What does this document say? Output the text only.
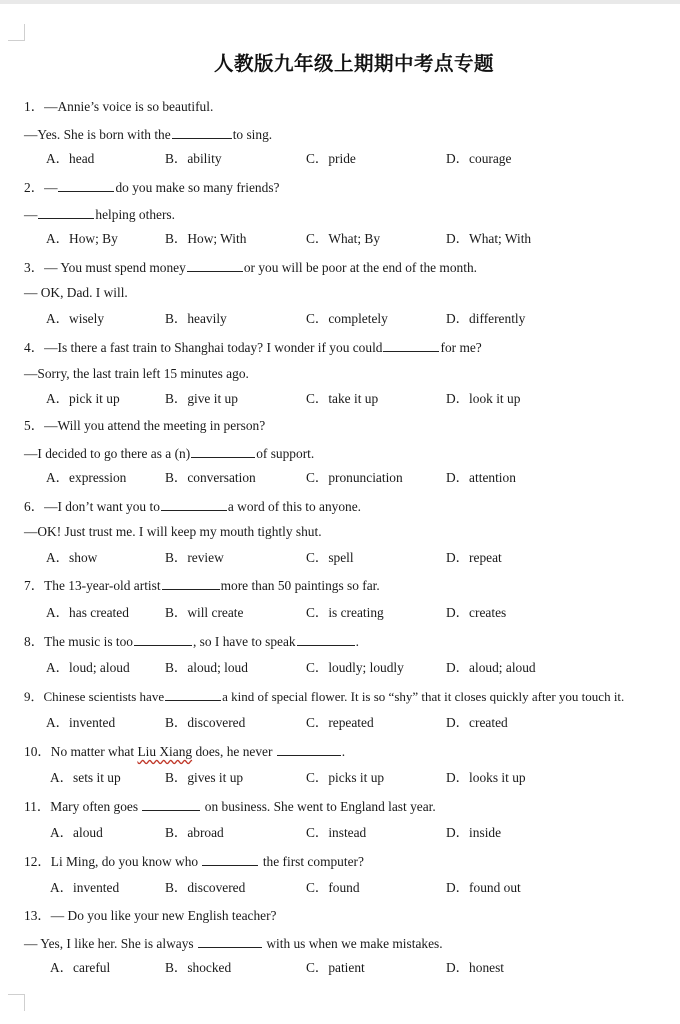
人教版九年级上期期中考点专题
1．—Annie’s voice is so beautiful.
—Yes. She is born with the	to sing.
A．head	B．ability	C．pride	D．courage
2．—	do you make so many friends?
—	helping others.
A．How; By	B．How; With	C．What; By	D．What; With
3．— You must spend money	or you will be poor at the end of the month.
— OK, Dad. I will.
A．wisely	B．heavily	C．completely	D．differently
4．—Is there a fast train to Shanghai today? I wonder if you could	for me?
—Sorry, the last train left 15 minutes ago.
A．pick it up	B．give it up	C．take it up	D．look it up
5．—Will you attend the meeting in person?
—I decided to go there as a (n)	of support.
A．expression	B．conversation	C．pronunciation	D．attention
6．—I don’t want you to	a word of this to anyone.
—OK! Just trust me. I will keep my mouth tightly shut.
A．show	B．review	C．spell	D．repeat
7．The 13-year-old artist	more than 50 paintings so far.
A．has created	B．will create	C．is creating	D．creates
8．The music is too	, so I have to speak	.
A．loud; aloud	B．aloud; loud	C．loudly; loudly	D．aloud; aloud
9．Chinese scientists have	a kind of special flower. It is so “shy” that it closes quickly after you touch it.
A．invented	B．discovered	C．repeated	D．created
10．No matter what Liu Xiang does, he never	.
A．sets it up	B．gives it up	C．picks it up	D．looks it up
11．Mary often goes	on business. She went to England last year.
A．aloud	B．abroad	C．instead	D．inside
12．Li Ming, do you know who	the first computer?
A．invented	B．discovered	C．found	D．found out
13．— Do you like your new English teacher?
— Yes, I like her. She is always	with us when we make mistakes.
A．careful	B．shocked	C．patient	D．honest
